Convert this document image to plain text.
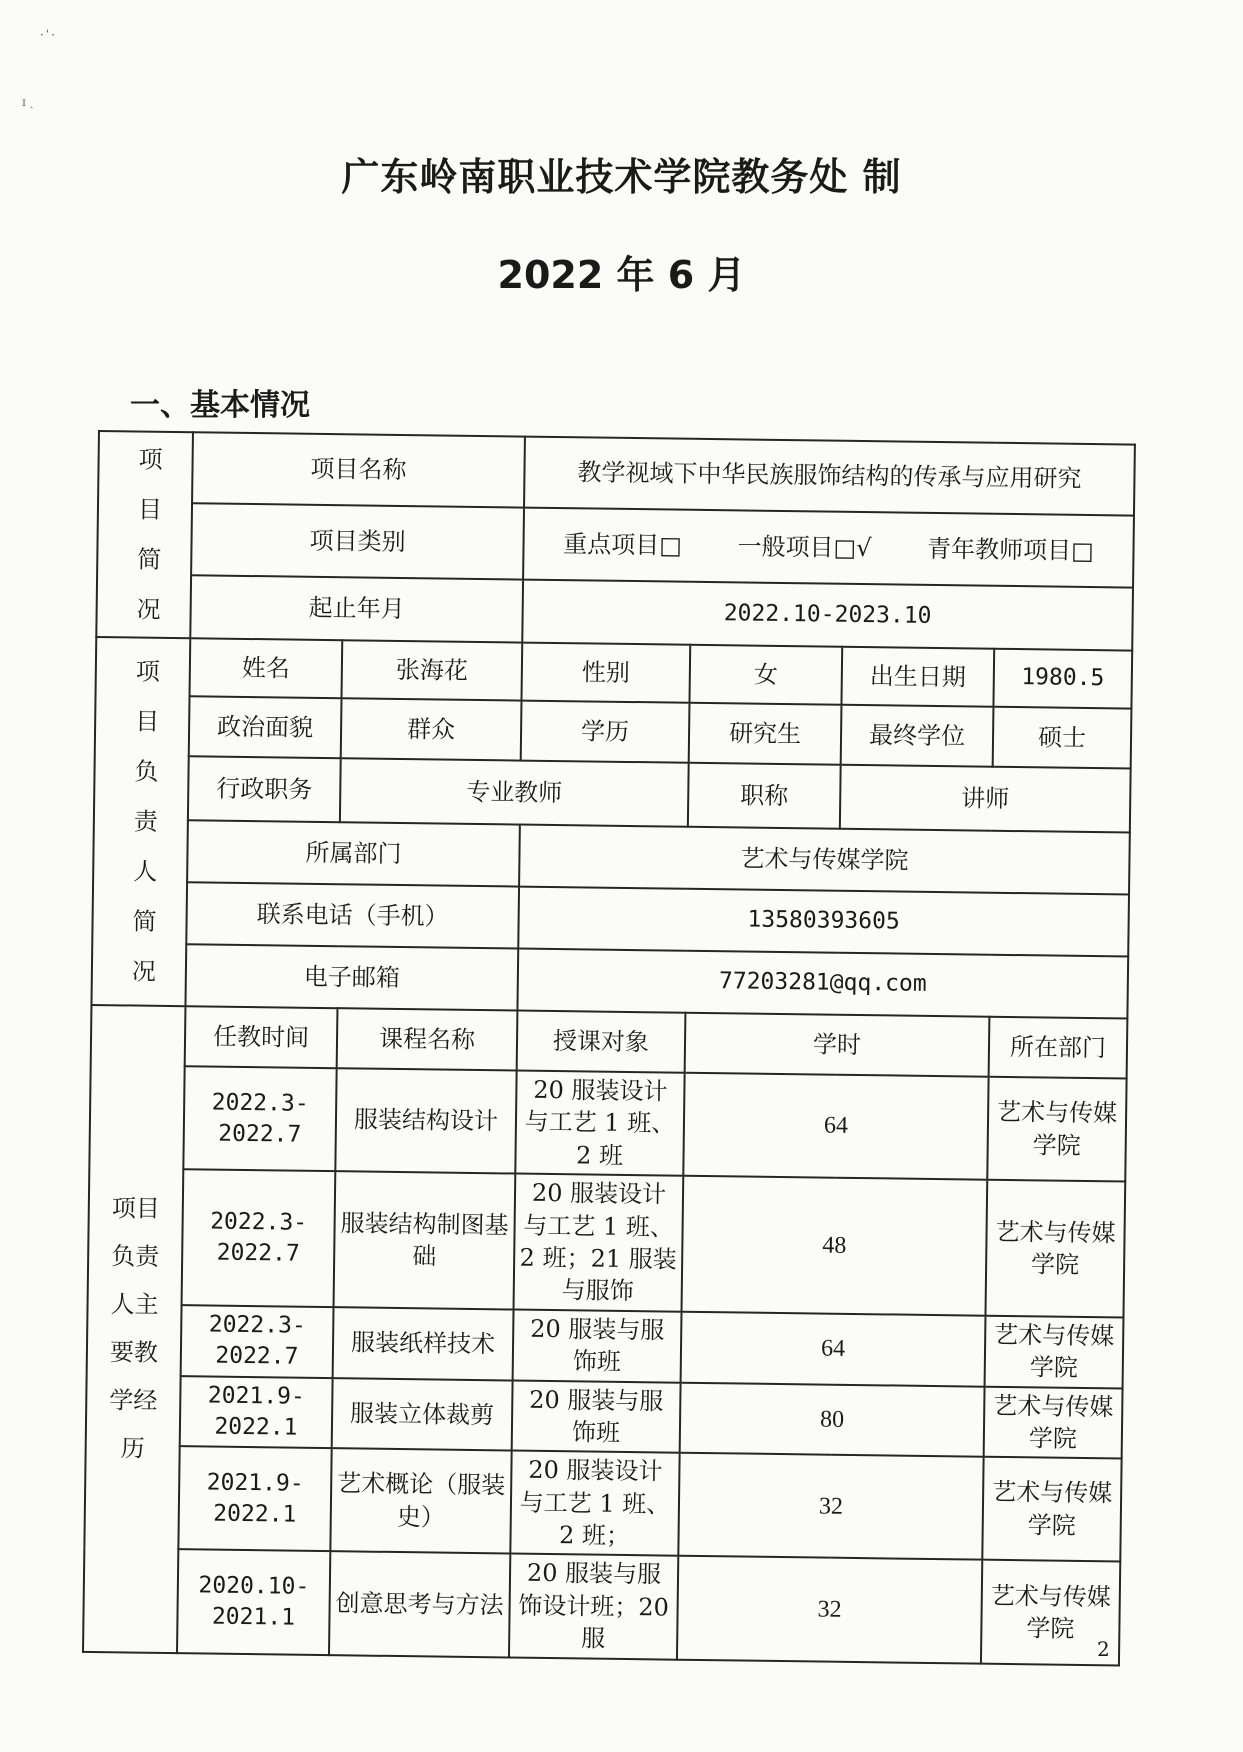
·ˈ·
ɪ ˎ
广东岭南职业技术学院教务处 制
2022 年 6 月
一、基本情况
项目简况	项目名称		教学视域下中华民族服饰结构的传承与应用研究			
	项目类别		重点项目□ 一般项目□√ 青年教师项目□			
	起止年月		2022.10-2023.10			

项目负责人简况	姓名	张海花	性别	女	出生日期	1980.5
	政治面貌	群众	学历	研究生	最终学位	硕士
	行政职务	专业教师		职称	讲师	
	所属部门		艺术与传媒学院			
	联系电话（手机）		13580393605			
	电子邮箱		77203281@qq.com			

项目负责人主要教学经历	任教时间	课程名称	授课对象	学时		所在部门
	2022.3-2022.7	服装结构设计	20 服装设计与工艺 1 班、2 班	64		艺术与传媒学院
	2022.3-2022.7	服装结构制图基础	20 服装设计与工艺 1 班、2 班；21 服装与服饰	48		艺术与传媒学院
	2022.3-2022.7	服装纸样技术	20 服装与服饰班	64		艺术与传媒学院
	2021.9-2022.1	服装立体裁剪	20 服装与服饰班	80		艺术与传媒学院
	2021.9-2022.1	艺术概论（服装史）	20 服装设计与工艺 1 班、2 班；	32		艺术与传媒学院
	2020.10-2021.1	创意思考与方法	20 服装与服饰设计班；20 服	32		艺术与传媒学院
2
